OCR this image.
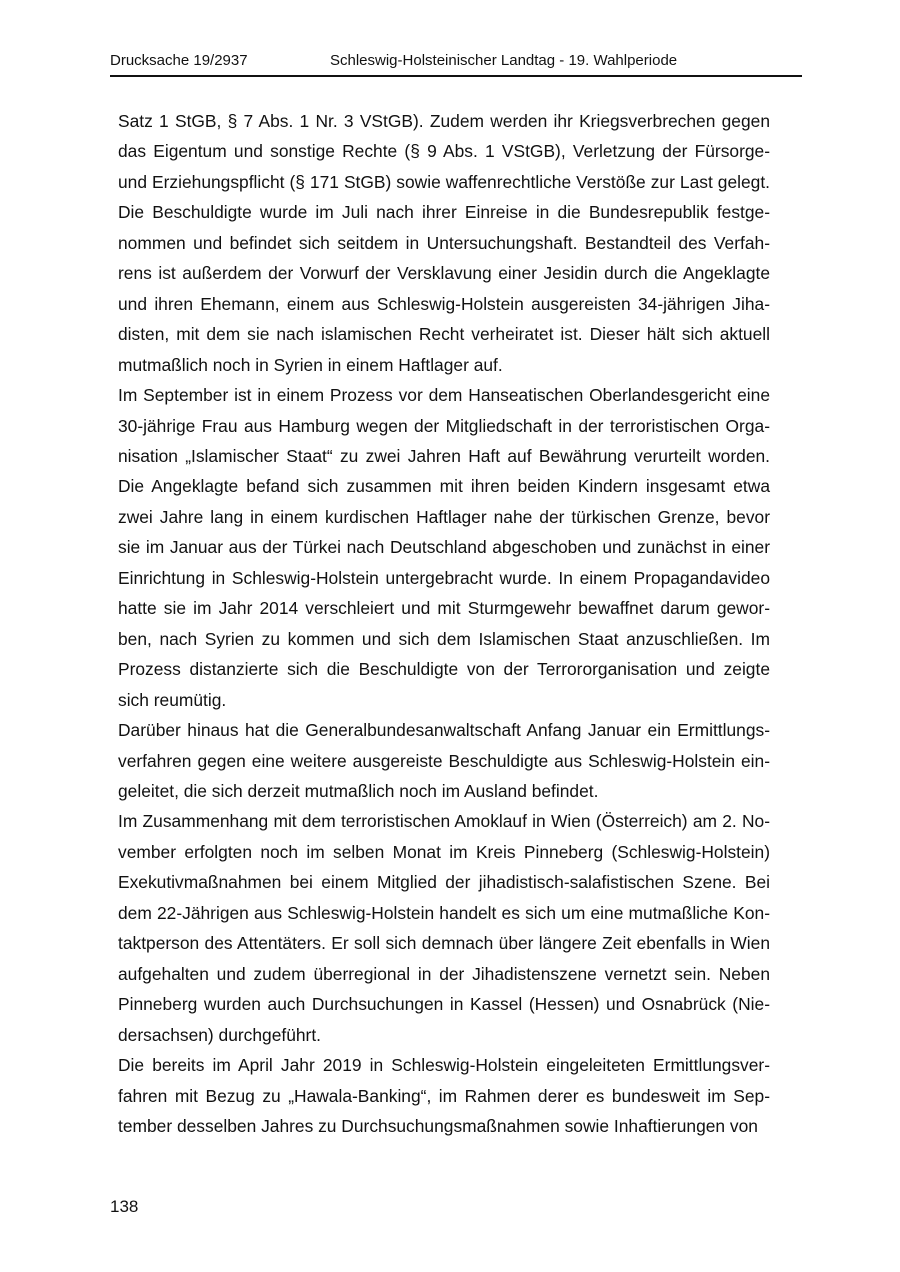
Drucksache 19/2937	Schleswig-Holsteinischer Landtag - 19. Wahlperiode

Satz 1 StGB, § 7 Abs. 1 Nr. 3 VStGB). Zudem werden ihr Kriegsverbrechen gegen das Eigentum und sonstige Rechte (§ 9 Abs. 1 VStGB), Verletzung der Fürsorge- und Erziehungspflicht (§ 171 StGB) sowie waffenrechtliche Verstöße zur Last gelegt. Die Beschuldigte wurde im Juli nach ihrer Einreise in die Bundesrepublik festgenommen und befindet sich seitdem in Untersuchungshaft. Bestandteil des Verfahrens ist außerdem der Vorwurf der Versklavung einer Jesidin durch die Angeklagte und ihren Ehemann, einem aus Schleswig-Holstein ausgereisten 34-jährigen Jihadisten, mit dem sie nach islamischen Recht verheiratet ist. Dieser hält sich aktuell mutmaßlich noch in Syrien in einem Haftlager auf.

Im September ist in einem Prozess vor dem Hanseatischen Oberlandesgericht eine 30-jährige Frau aus Hamburg wegen der Mitgliedschaft in der terroristischen Organisation „Islamischer Staat“ zu zwei Jahren Haft auf Bewährung verurteilt worden. Die Angeklagte befand sich zusammen mit ihren beiden Kindern insgesamt etwa zwei Jahre lang in einem kurdischen Haftlager nahe der türkischen Grenze, bevor sie im Januar aus der Türkei nach Deutschland abgeschoben und zunächst in einer Einrichtung in Schleswig-Holstein untergebracht wurde. In einem Propagandavideo hatte sie im Jahr 2014 verschleiert und mit Sturmgewehr bewaffnet darum geworben, nach Syrien zu kommen und sich dem Islamischen Staat anzuschließen. Im Prozess distanzierte sich die Beschuldigte von der Terrororganisation und zeigte sich reumütig.

Darüber hinaus hat die Generalbundesanwaltschaft Anfang Januar ein Ermittlungsverfahren gegen eine weitere ausgereiste Beschuldigte aus Schleswig-Holstein eingeleitet, die sich derzeit mutmaßlich noch im Ausland befindet.

Im Zusammenhang mit dem terroristischen Amoklauf in Wien (Österreich) am 2. November erfolgten noch im selben Monat im Kreis Pinneberg (Schleswig-Holstein) Exekutivmaßnahmen bei einem Mitglied der jihadistisch-salafistischen Szene. Bei dem 22-Jährigen aus Schleswig-Holstein handelt es sich um eine mutmaßliche Kontaktperson des Attentäters. Er soll sich demnach über längere Zeit ebenfalls in Wien aufgehalten und zudem überregional in der Jihadistenszene vernetzt sein. Neben Pinneberg wurden auch Durchsuchungen in Kassel (Hessen) und Osnabrück (Niedersachsen) durchgeführt.

Die bereits im April Jahr 2019 in Schleswig-Holstein eingeleiteten Ermittlungsverfahren mit Bezug zu „Hawala-Banking“, im Rahmen derer es bundesweit im September desselben Jahres zu Durchsuchungsmaßnahmen sowie Inhaftierungen von

138
